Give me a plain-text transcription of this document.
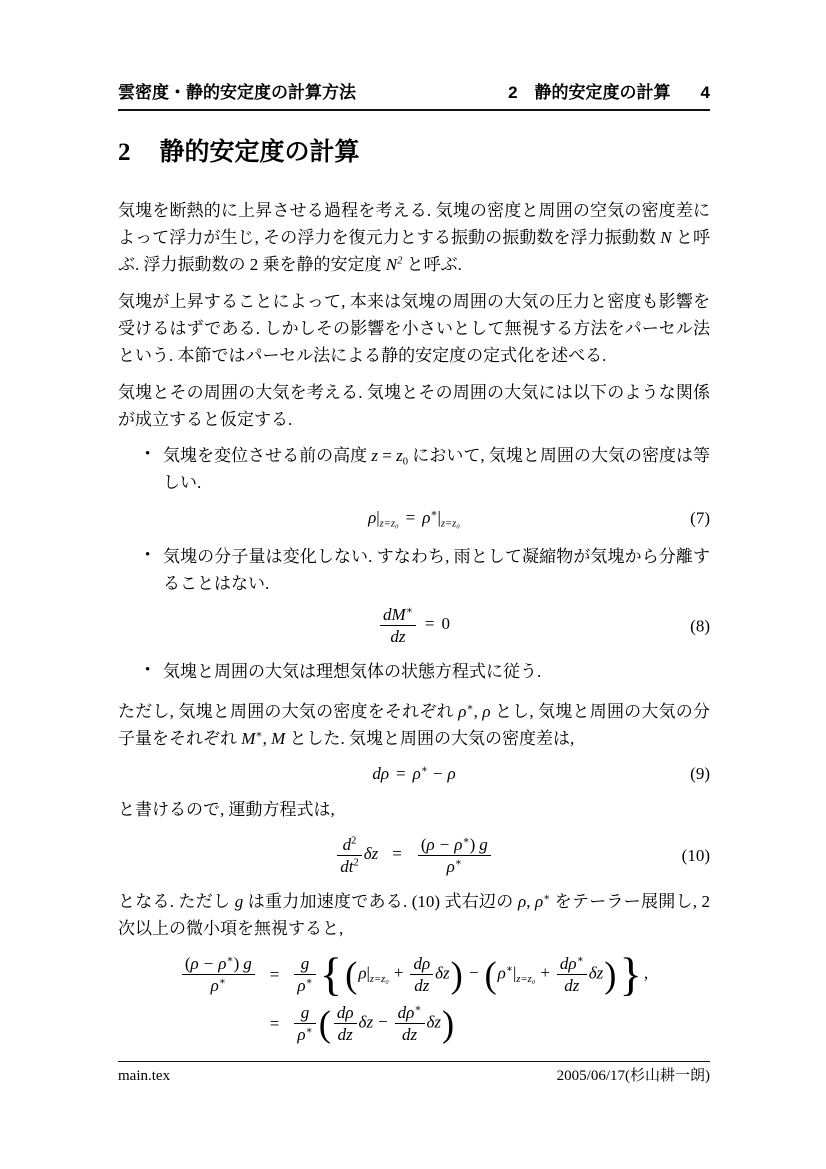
雲密度・静的安定度の計算方法	2　静的安定度の計算 4
2 静的安定度の計算

気塊を断熱的に上昇させる過程を考える. 気塊の密度と周囲の空気の密度差によって浮力が生じ, その浮力を復元力とする振動の振動数を浮力振動数 N と呼ぶ. 浮力振動数の 2 乗を静的安定度 $N^2$ と呼ぶ.

気塊が上昇することによって, 本来は気塊の周囲の大気の圧力と密度も影響を受けるはずである. しかしその影響を小さいとして無視する方法をパーセル法という. 本節ではパーセル法による静的安定度の定式化を述べる.

気塊とその周囲の大気を考える. 気塊とその周囲の大気には以下のような関係が成立すると仮定する.

• 気塊を変位させる前の高度 $z = z_0$ において, 気塊と周囲の大気の密度は等しい.
$\rho|_{z=z_0} = \rho^∗|_{z=z_0}$	(7)
• 気塊の分子量は変化しない. すなわち, 雨として凝縮物が気塊から分離することはない.
$\frac{dM^∗}{dz} = 0$	(8)
• 気塊と周囲の大気は理想気体の状態方程式に従う.

ただし, 気塊と周囲の大気の密度をそれぞれ ρ∗, ρ とし, 気塊と周囲の大気の分子量をそれぞれ M∗, M とした. 気塊と周囲の大気の密度差は,

dρ = ρ∗ − ρ	(9)

と書けるので, 運動方程式は,

$\frac{d^2}{dt^2}$ $\delta z = \frac{(\rho - \rho^∗) g}{\rho^∗}$	(10)

となる. ただし g は重力加速度である. (10) 式右辺の ρ, ρ∗ をテーラー展開し, 2 次以上の微小項を無視すると,

$\frac{(\rho - \rho^∗) g}{\rho^∗} = \frac{g}{\rho^∗} \{(\rho|_{z=z_0} + \frac{d\rho}{dz} \delta z) - (\rho^∗|_{z=z_0} + \frac{d\rho^∗}{dz} \delta z)\}$ ,
= $\frac{g}{\rho^∗}$ ( $\frac{d\rho}{dz}$ $\delta z - \frac{d\rho^∗}{dz} \delta z$)
main.tex	2005/06/17(杉山耕一朗)
